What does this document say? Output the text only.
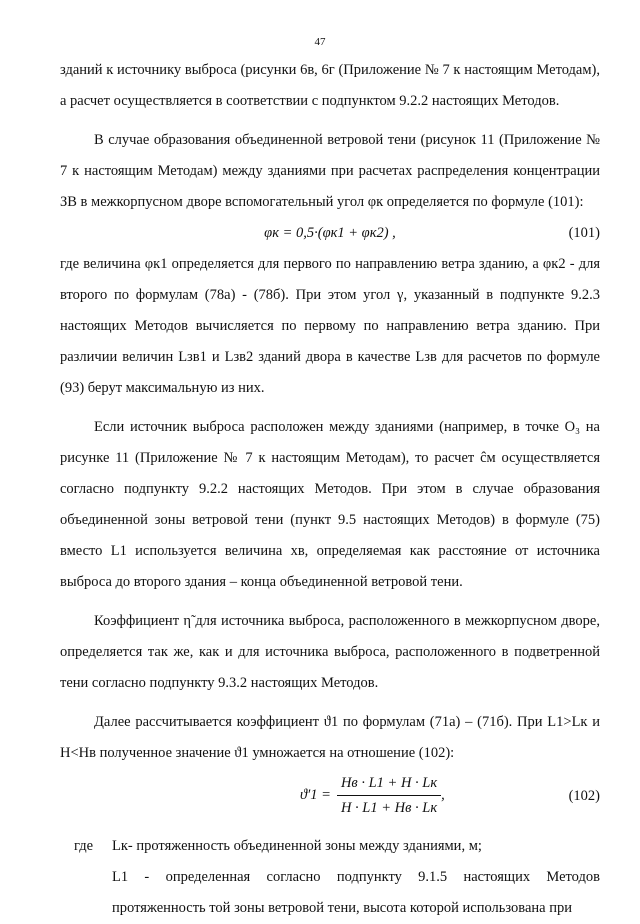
47

зданий к источнику выброса (рисунки 6в, 6г (Приложение № 7 к настоящим Методам), а расчет осуществляется в соответствии с подпунктом 9.2.2 настоящих Методов.

В случае образования объединенной ветровой тени (рисунок 11 (Приложение № 7 к настоящим Методам) между зданиями при расчетах распределения концентрации ЗВ в межкорпусном дворе вспомогательный угол φк определяется по формуле (101):

φк = 0,5·(φк1 + φк2) ,	(101)

где величина φк1 определяется для первого по направлению ветра зданию, а φк2 - для второго по формулам (78а) - (78б). При этом угол γ, указанный в подпункте 9.2.3 настоящих Методов вычисляется по первому по направлению ветра зданию. При различии величин Lзв1 и Lзв2 зданий двора в качестве Lзв для расчетов по формуле (93) берут максимальную из них.

Если источник выброса расположен между зданиями (например, в точке O₃ на рисунке 11 (Приложение № 7 к настоящим Методам), то расчет ĉм осуществляется согласно подпункту 9.2.2 настоящих Методов. При этом в случае образования объединенной зоны ветровой тени (пункт 9.5 настоящих Методов) в формуле (75) вместо L1 используется величина xв, определяемая как расстояние от источника выброса до второго здания – конца объединенной ветровой тени.

Коэффициент η̃ для источника выброса, расположенного в межкорпусном дворе, определяется так же, как и для источника выброса, расположенного в подветренной тени согласно подпункту 9.3.2 настоящих Методов.

Далее рассчитывается коэффициент ϑ1 по формулам (71а) – (71б). При L1>Lк и H<Hв полученное значение ϑ1 умножается на отношение (102):

$ϑ'1 = \frac{Hв \cdot L1 + H \cdot Lк}{H \cdot L1 + Hв \cdot Lк}$ ,	(102)
где Lк- протяженность объединенной зоны между зданиями, м;

L1 - определенная согласно подпункту 9.1.5 настоящих Методов протяженность той зоны ветровой тени, высота которой использована при
